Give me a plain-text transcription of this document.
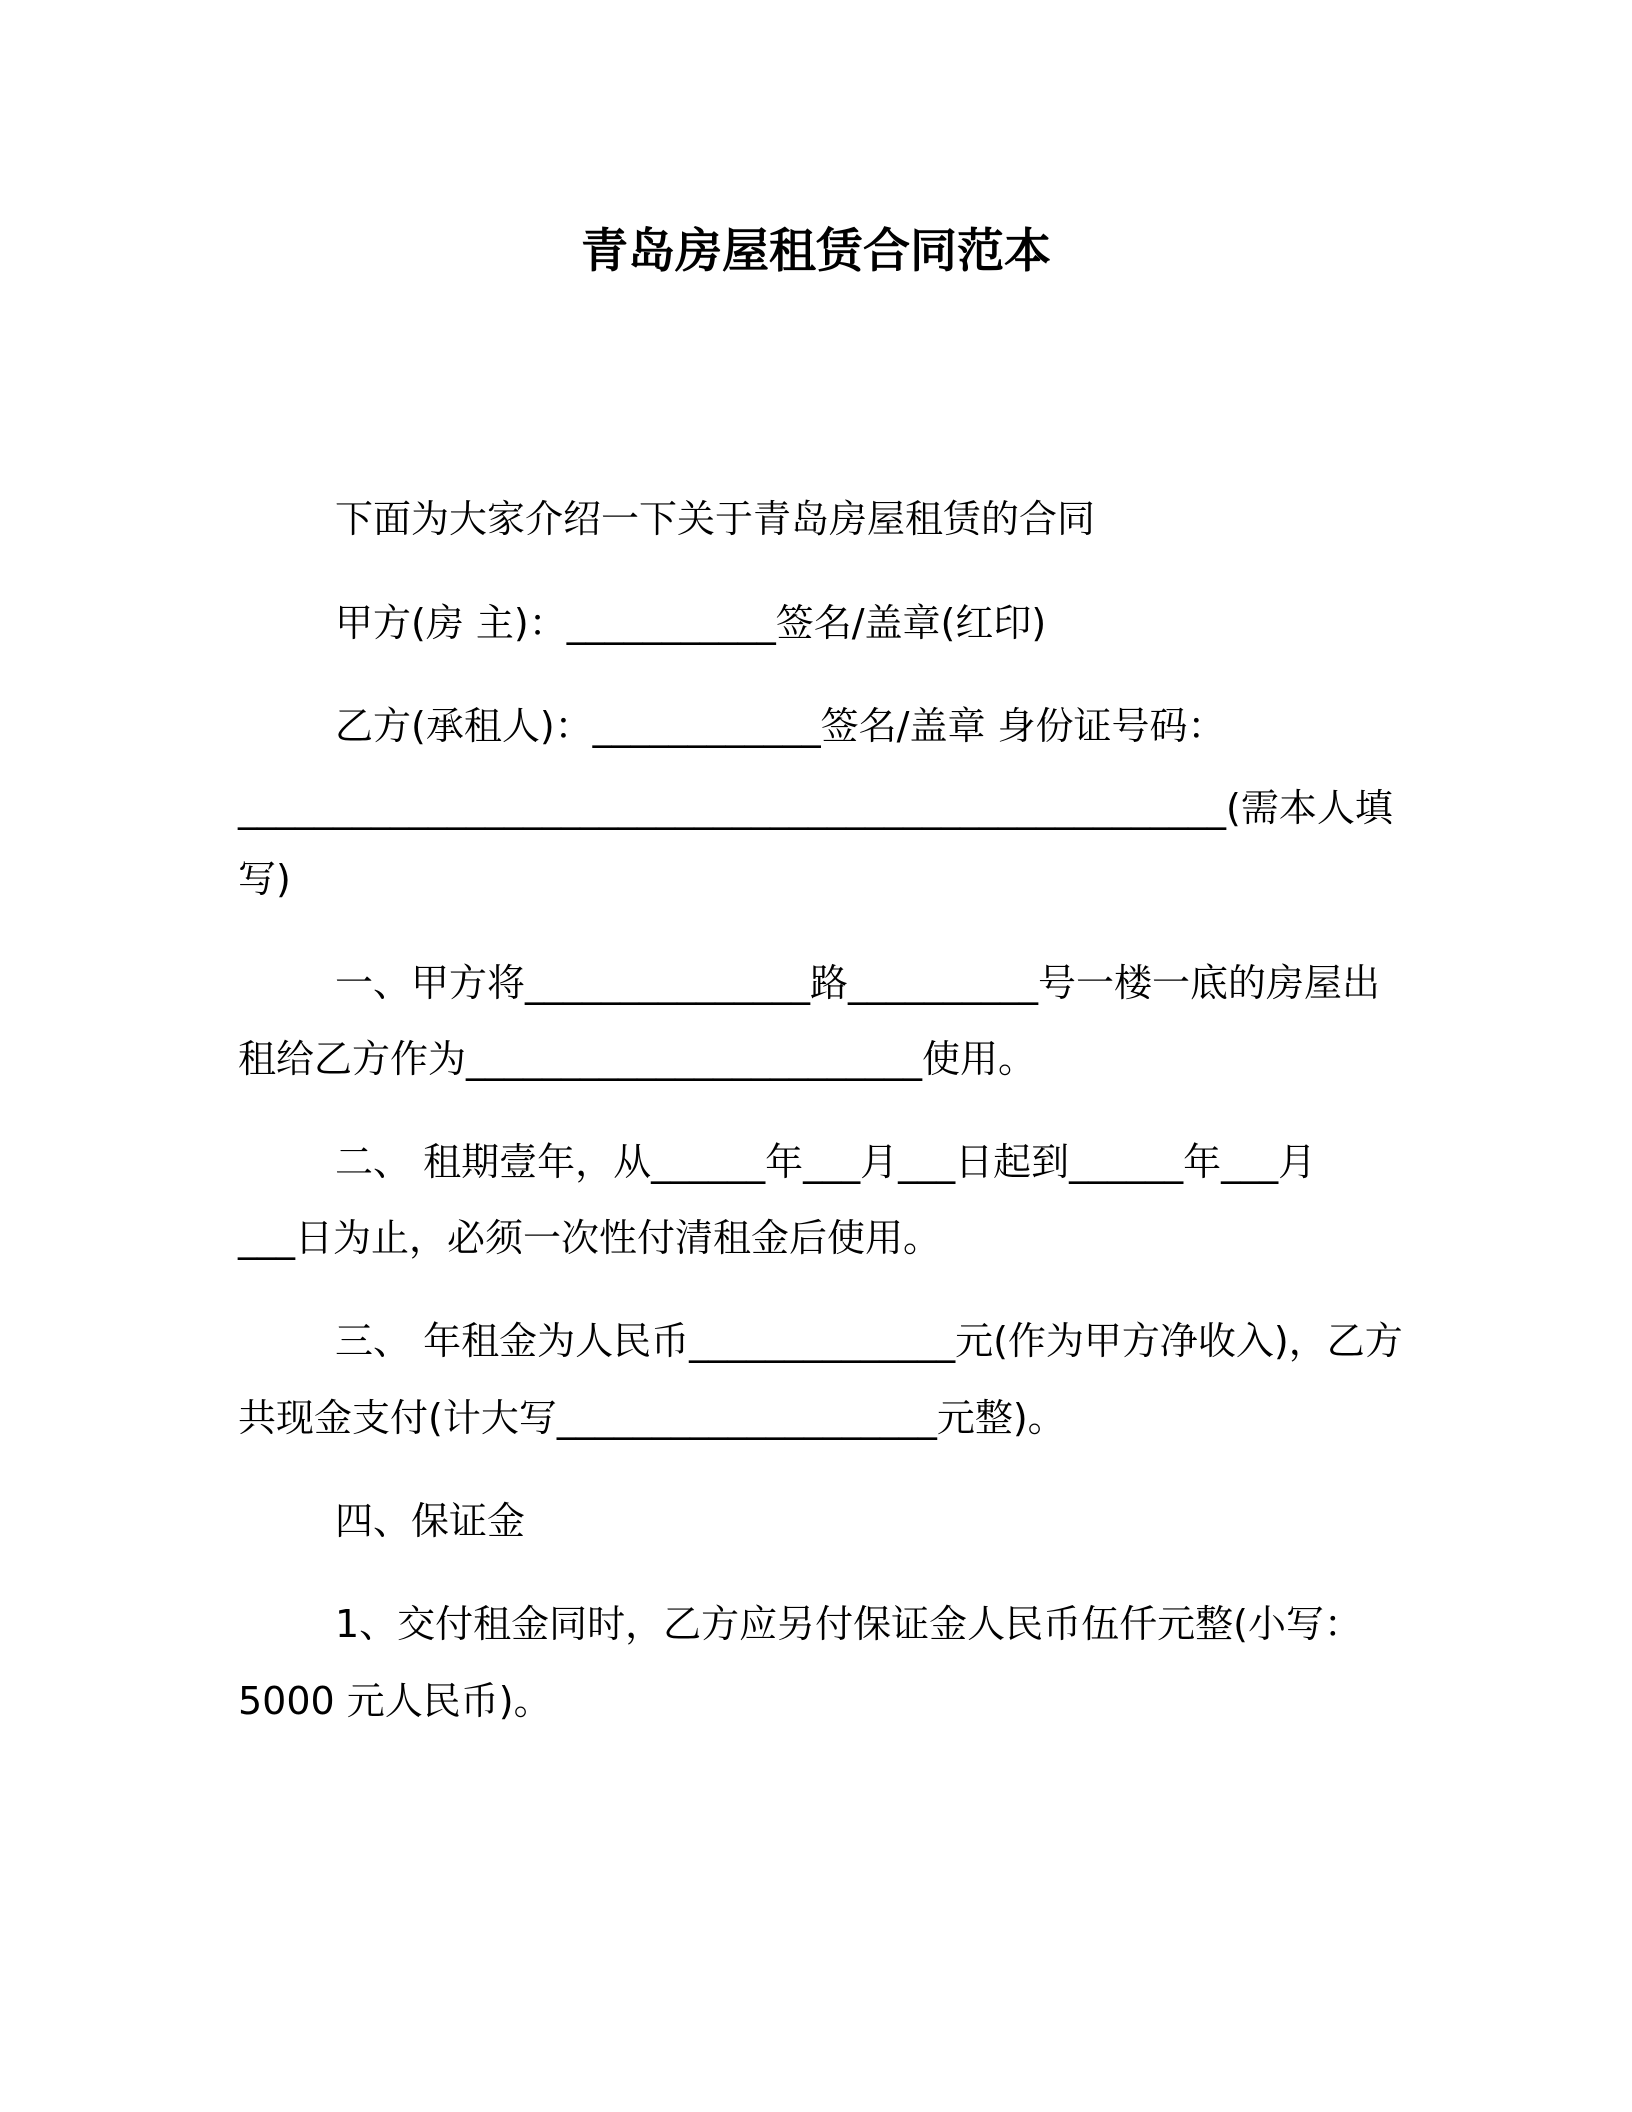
青岛房屋租赁合同范本
下面为大家介绍一下关于青岛房屋租赁的合同
甲方(房 主)：___________签名/盖章(红印)
乙方(承租人)：____________签名/盖章 身份证号码：
____________________________________________________(需本人填
写)
一、甲方将_______________路__________号一楼一底的房屋出
租给乙方作为________________________使用。
二、 租期壹年，从______年___月___日起到______年___月
___日为止，必须一次性付清租金后使用。
三、 年租金为人民币______________元(作为甲方净收入)，乙方
共现金支付(计大写____________________元整)。
四、保证金
1、交付租金同时，乙方应另付保证金人民币伍仟元整(小写：
5000 元人民币)。
